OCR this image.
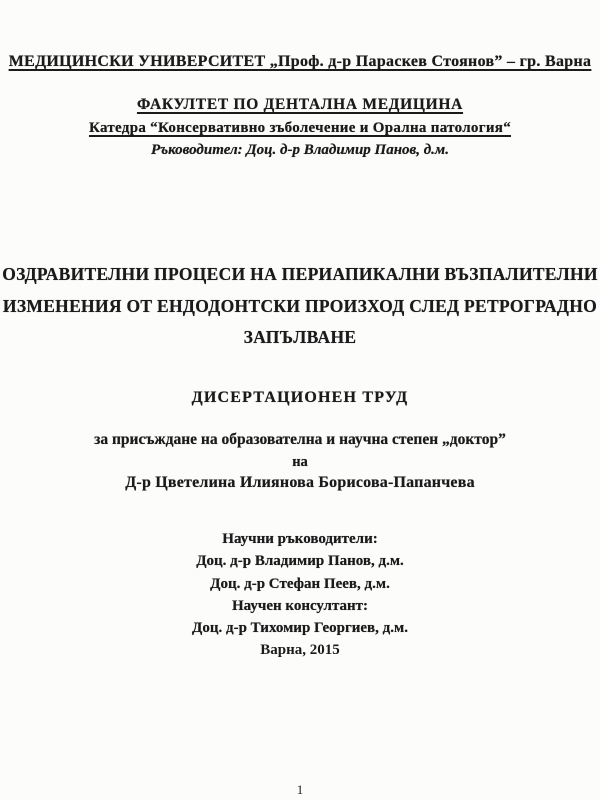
МЕДИЦИНСКИ УНИВЕРСИТЕТ „Проф. д-р Параскев Стоянов” – гр. Варна
ФАКУЛТЕТ ПО ДЕНТАЛНА МЕДИЦИНА
Катедра “Консервативно зъболечение и Орална патология“
Ръководител: Доц. д-р Владимир Панов, д.м.
ОЗДРАВИТЕЛНИ ПРОЦЕСИ НА ПЕРИАПИКАЛНИ ВЪЗПАЛИТЕЛНИ
ИЗМЕНЕНИЯ ОТ ЕНДОДОНТСКИ ПРОИЗХОД СЛЕД РЕТРОГРАДНО
ЗАПЪЛВАНЕ
ДИСЕРТАЦИОНЕН ТРУД
за присъждане на образователна и научна степен „доктор”
на
Д-р Цветелина Илиянова Борисова-Папанчева
Научни ръководители:
Доц. д-р Владимир Панов, д.м.
Доц. д-р Стефан Пеев, д.м.
Научен консултант:
Доц. д-р Тихомир Георгиев, д.м.
Варна, 2015
1
